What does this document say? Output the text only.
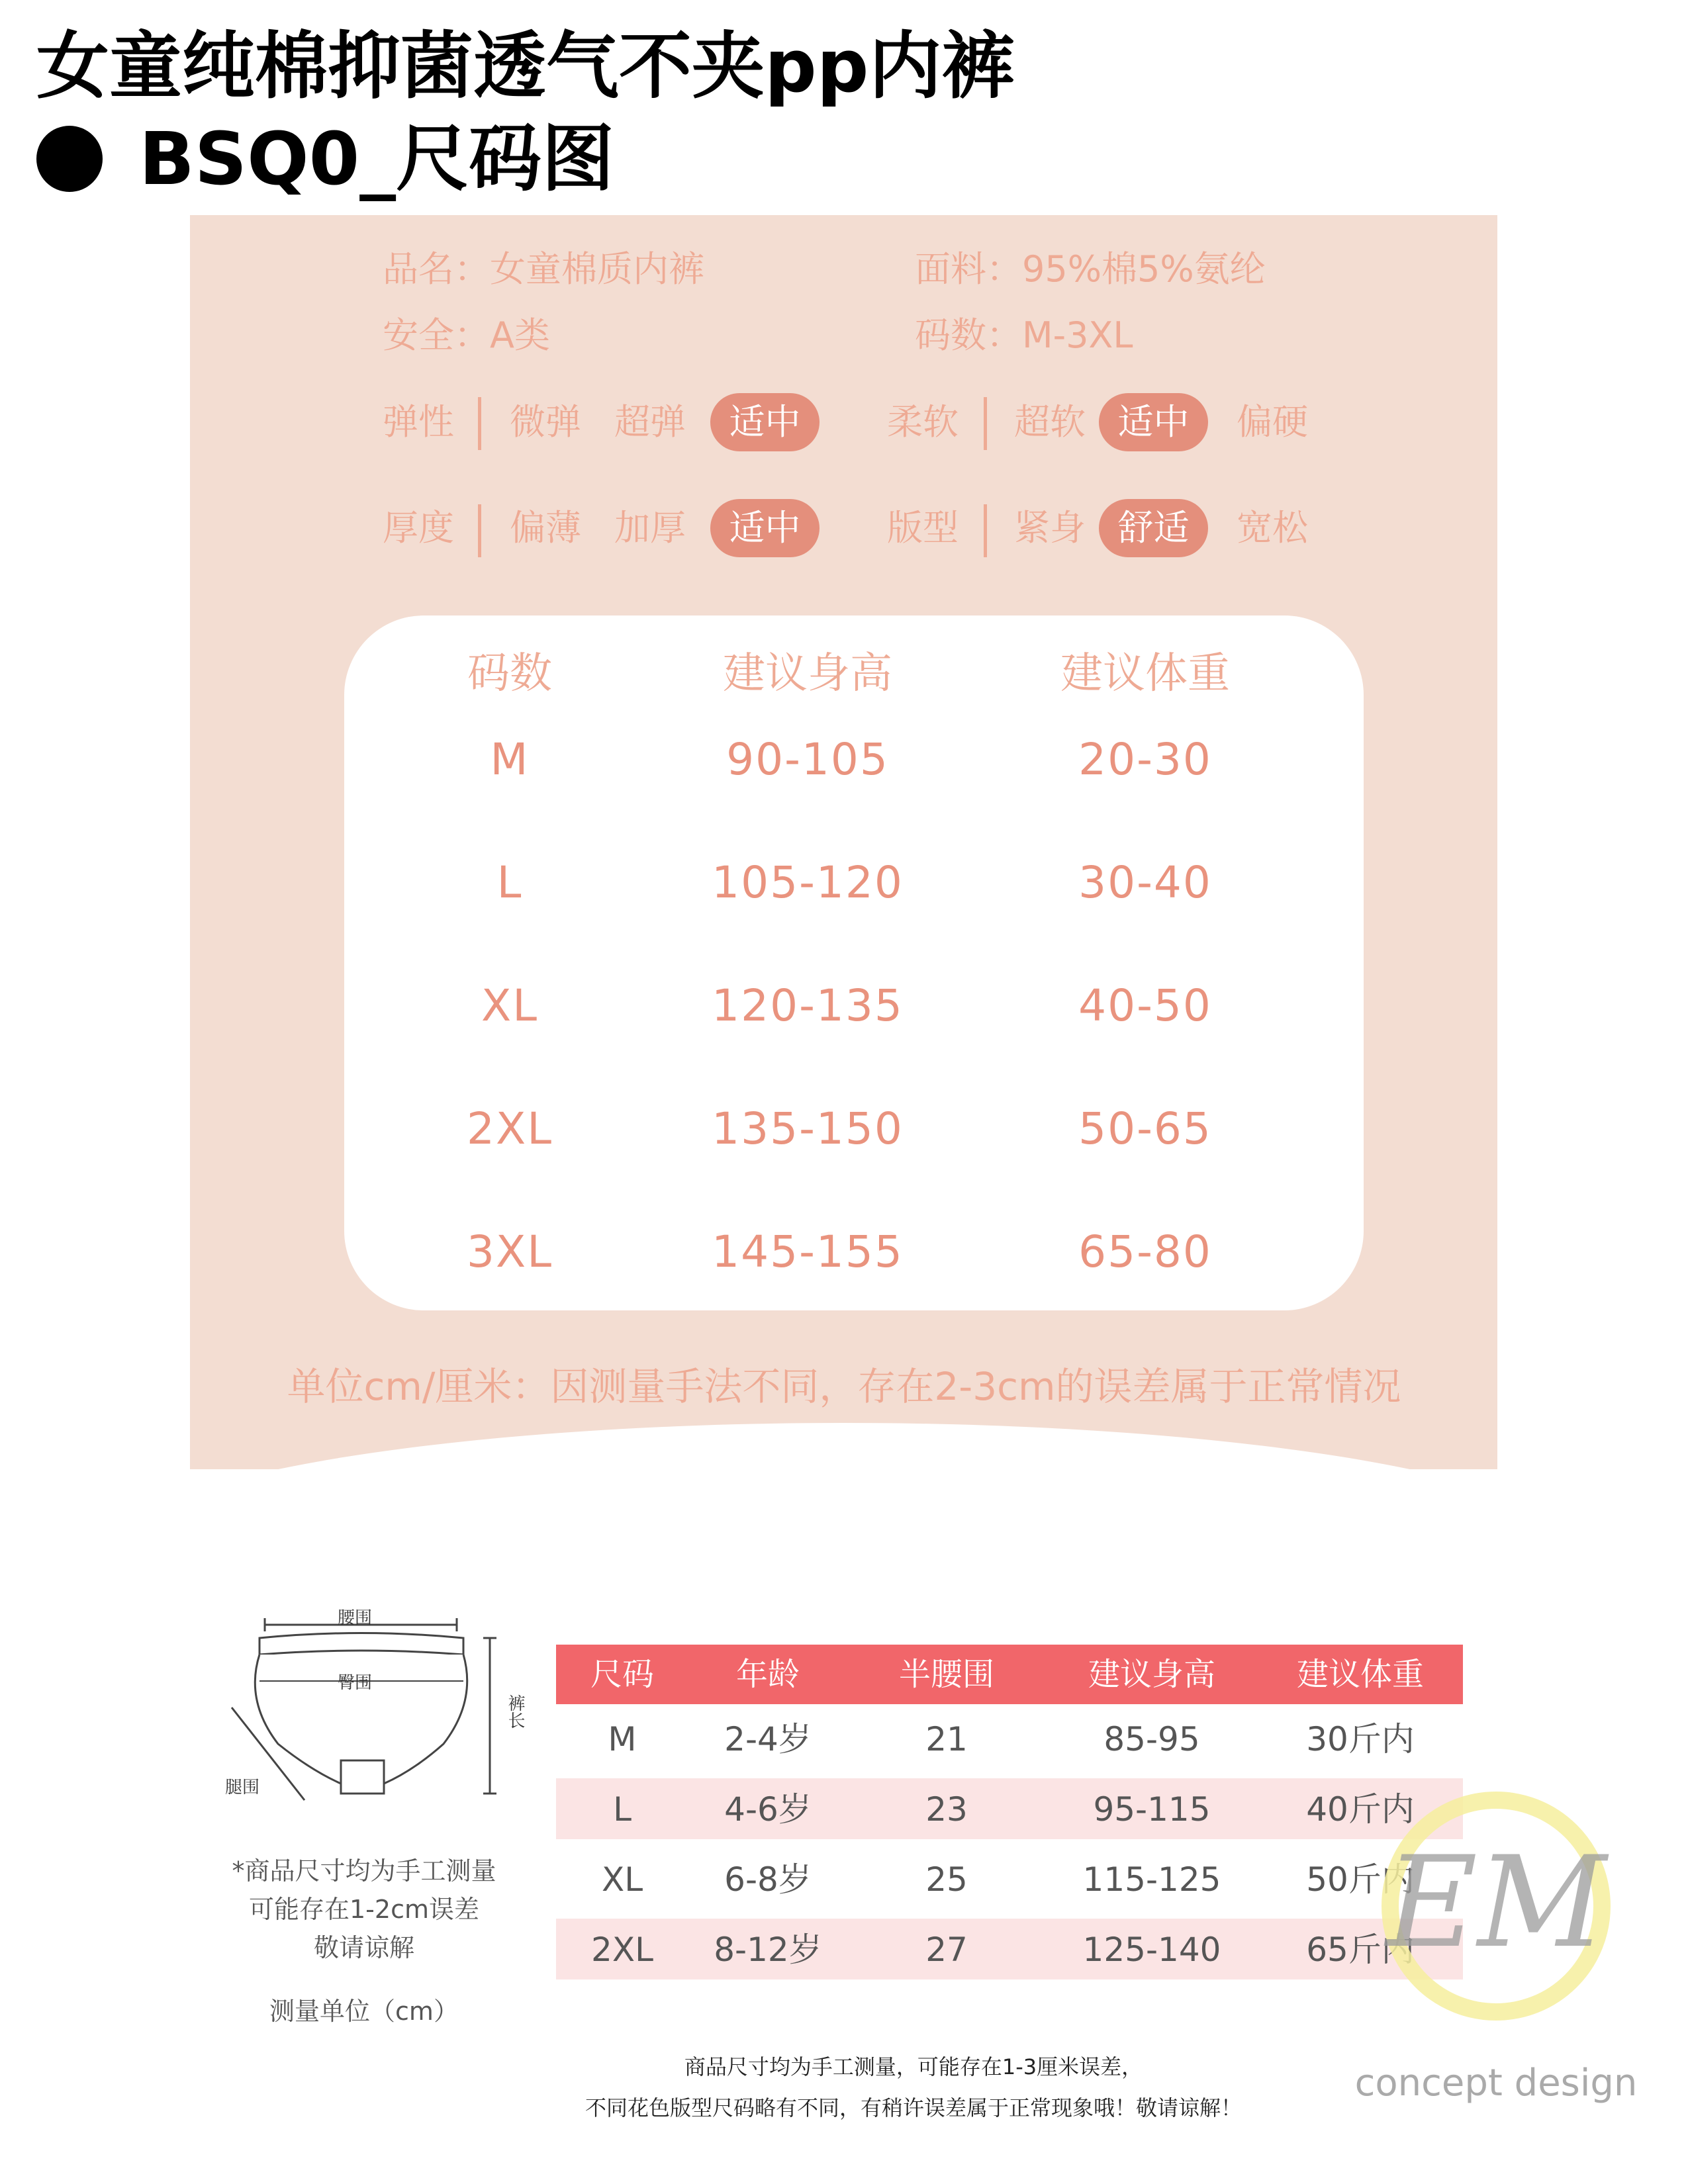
女童纯棉抑菌透气不夹pp内裤
BSQ0_尺码图
品名：女童棉质内裤	面料：95%棉5%氨纶
安全：A类	码数：M-3XL
弹性 微弹 超弹	适中	柔软 超软 适中	偏硬
厚度 偏薄 加厚	适中	版型 紧身 舒适	宽松
码数	建议身高	建议体重
M	90-105	20-30
L	105-120	30-40
XL	120-135	40-50
2XL	135-150	50-65
3XL	145-155	65-80
单位cm/厘米：因测量手法不同，存在2-3cm的误差属于正常情况
腰围
臀围
裤长
腿围
*商品尺寸均为手工测量
可能存在1-2cm误差
敬请谅解
测量单位（cm）
尺码	年龄	半腰围	建议身高	建议体重
M	2-4岁	21	85-95	30斤内
L	4-6岁	23	95-115	40斤内
XL	6-8岁	25	115-125	50斤内
2XL	8-12岁	27	125-140	65斤内
商品尺寸均为手工测量，可能存在1-3厘米误差，
不同花色版型尺码略有不同，有稍许误差属于正常现象哦！敬请谅解！
EM
concept design
